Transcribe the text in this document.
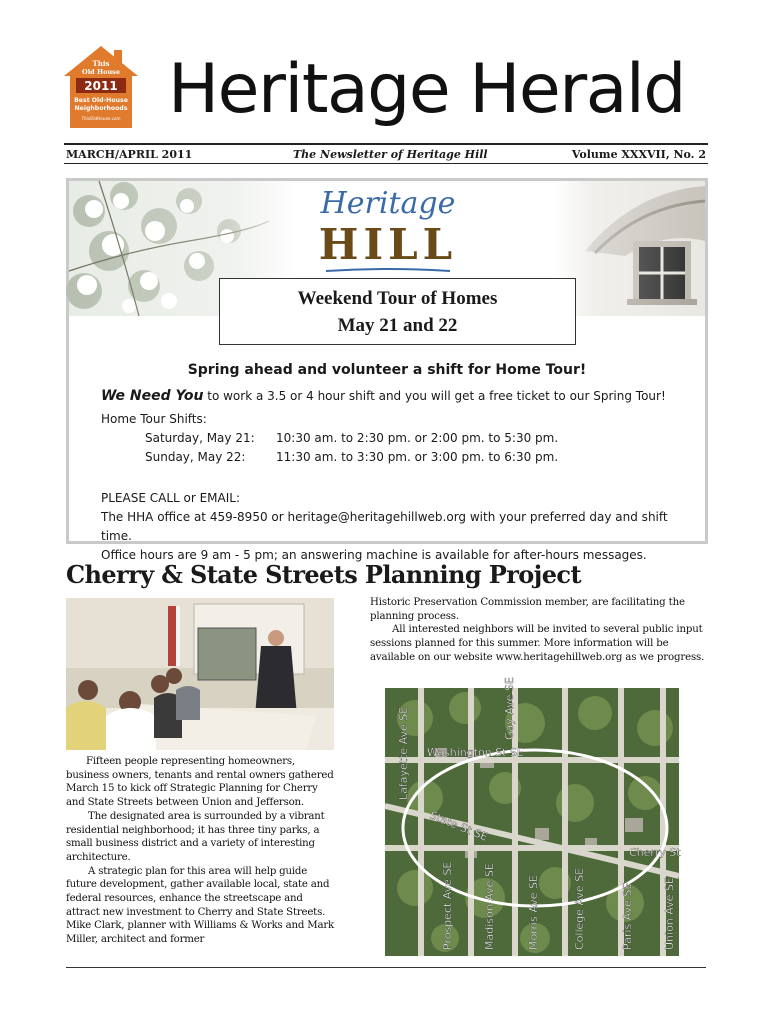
This
Old House
2011
Best Old-House
Neighborhoods
ThisOldHouse.com Heritage Herald
MARCH/APRIL 2011	The Newsletter of Heritage Hill	Volume XXXVII, No. 2
Heritage
HILL
Weekend Tour of Homes
May 21 and 22
Spring ahead and volunteer a shift for Home Tour!
We Need You to work a 3.5 or 4 hour shift and you will get a free ticket to our Spring Tour!
Home Tour Shifts:
Saturday, May 21: 10:30 am. to 2:30 pm. or 2:00 pm. to 5:30 pm.
Sunday, May 22:	11:30 am. to 3:30 pm. or 3:00 pm. to 6:30 pm.
PLEASE CALL or EMAIL:
The HHA office at 459-8950 or heritage@heritagehillweb.org with your preferred day and shift time.
Office hours are 9 am - 5 pm; an answering machine is available for after-hours messages.
Cherry & State Streets Planning Project

Fifteen people representing homeowners, business owners, tenants and rental owners gathered March 15 to kick off Strategic Planning for Cherry and State Streets between Union and Jefferson.

The designated area is surrounded by a vibrant residential neighborhood; it has three tiny parks, a small business district and a variety of interesting architecture.

A strategic plan for this area will help guide future development, gather available local, state and federal resources, enhance the streetscape and attract new investment to Cherry and State Streets. Mike Clark, planner with Williams & Works and Mark Miller, architect and former

Historic Preservation Commission member, are facilitating the planning process.

All interested neighbors will be invited to several public input sessions planned for this summer. More information will be available on our website www.heritagehillweb.org as we progress.

Lafayette Ave SE	Gay Ave SE
Washington St SE
State St SE
Cherry St
Prospect Ave SE	Madison Ave SE	Morris Ave SE	College Ave SE	Paris Ave SE	Union Ave SE
